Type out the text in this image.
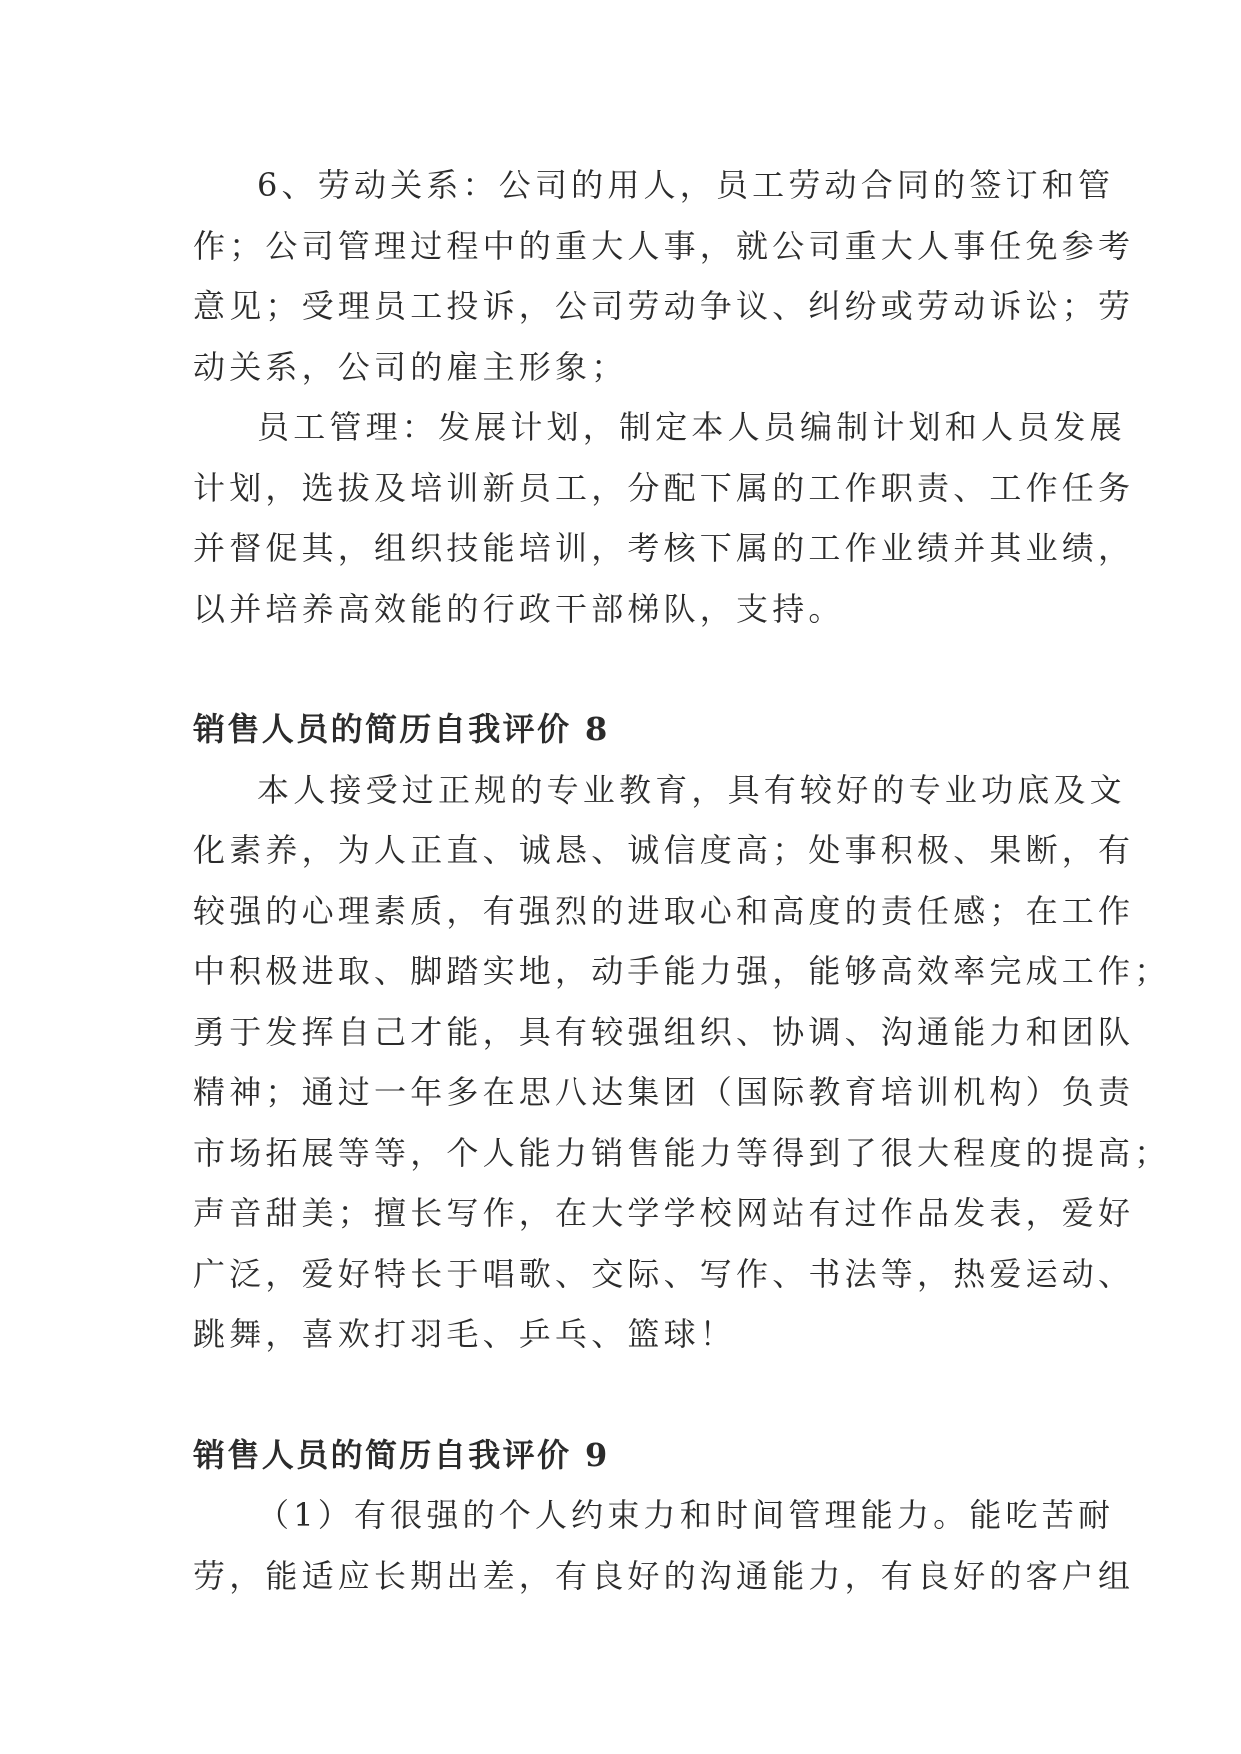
6、劳动关系：公司的用人，员工劳动合同的签订和管
作；公司管理过程中的重大人事，就公司重大人事任免参考
意见；受理员工投诉，公司劳动争议、纠纷或劳动诉讼；劳
动关系，公司的雇主形象；

员工管理：发展计划，制定本人员编制计划和人员发展
计划，选拔及培训新员工，分配下属的工作职责、工作任务
并督促其，组织技能培训，考核下属的工作业绩并其业绩，
以并培养高效能的行政干部梯队，支持。

销售人员的简历自我评价 8

本人接受过正规的专业教育，具有较好的专业功底及文
化素养，为人正直、诚恳、诚信度高；处事积极、果断，有
较强的心理素质，有强烈的进取心和高度的责任感；在工作
中积极进取、脚踏实地，动手能力强，能够高效率完成工作；
勇于发挥自己才能，具有较强组织、协调、沟通能力和团队
精神；通过一年多在思八达集团（国际教育培训机构）负责
市场拓展等等，个人能力销售能力等得到了很大程度的提高；
声音甜美；擅长写作，在大学学校网站有过作品发表，爱好
广泛，爱好特长于唱歌、交际、写作、书法等，热爱运动、
跳舞，喜欢打羽毛、乒乓、篮球！

销售人员的简历自我评价 9

（1）有很强的个人约束力和时间管理能力。能吃苦耐
劳，能适应长期出差，有良好的沟通能力，有良好的客户组
